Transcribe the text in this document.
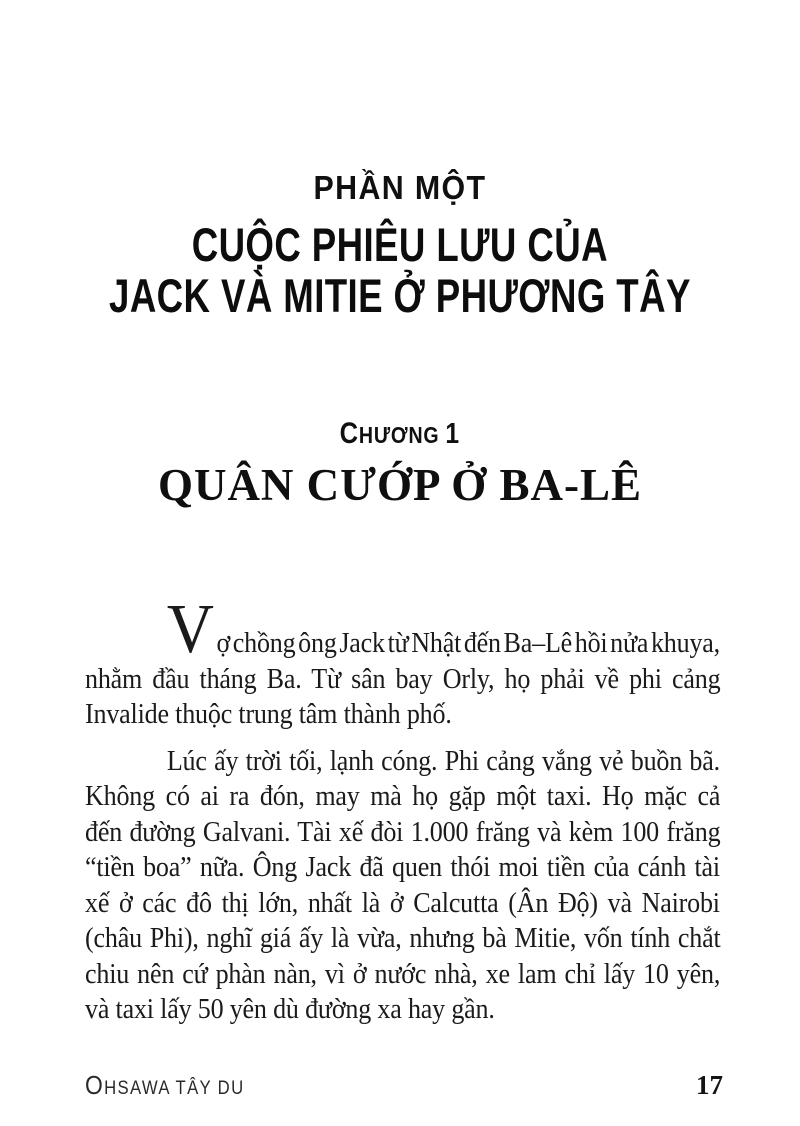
PHẦN MỘT
CUỘC PHIÊU LƯU CỦA
JACK VÀ MITIE Ở PHƯƠNG TÂY
CHƯƠNG 1
QUÂN CƯỚP Ở BA-LÊ
Vợ chồng ông Jack từ Nhật đến Ba–Lê hồi nửa khuya,
nhằm đầu tháng Ba. Từ sân bay Orly, họ phải về phi cảng
Invalide thuộc trung tâm thành phố.
Lúc ấy trời tối, lạnh cóng. Phi cảng vắng vẻ buồn bã.
Không có ai ra đón, may mà họ gặp một taxi. Họ mặc cả
đến đường Galvani. Tài xế đòi 1.000 frăng và kèm 100 frăng
“tiền boa” nữa. Ông Jack đã quen thói moi tiền của cánh tài
xế ở các đô thị lớn, nhất là ở Calcutta (Ân Độ) và Nairobi
(châu Phi), nghĩ giá ấy là vừa, nhưng bà Mitie, vốn tính chắt
chiu nên cứ phàn nàn, vì ở nước nhà, xe lam chỉ lấy 10 yên,
và taxi lấy 50 yên dù đường xa hay gần.
OHSAWA TÂY DU	17
